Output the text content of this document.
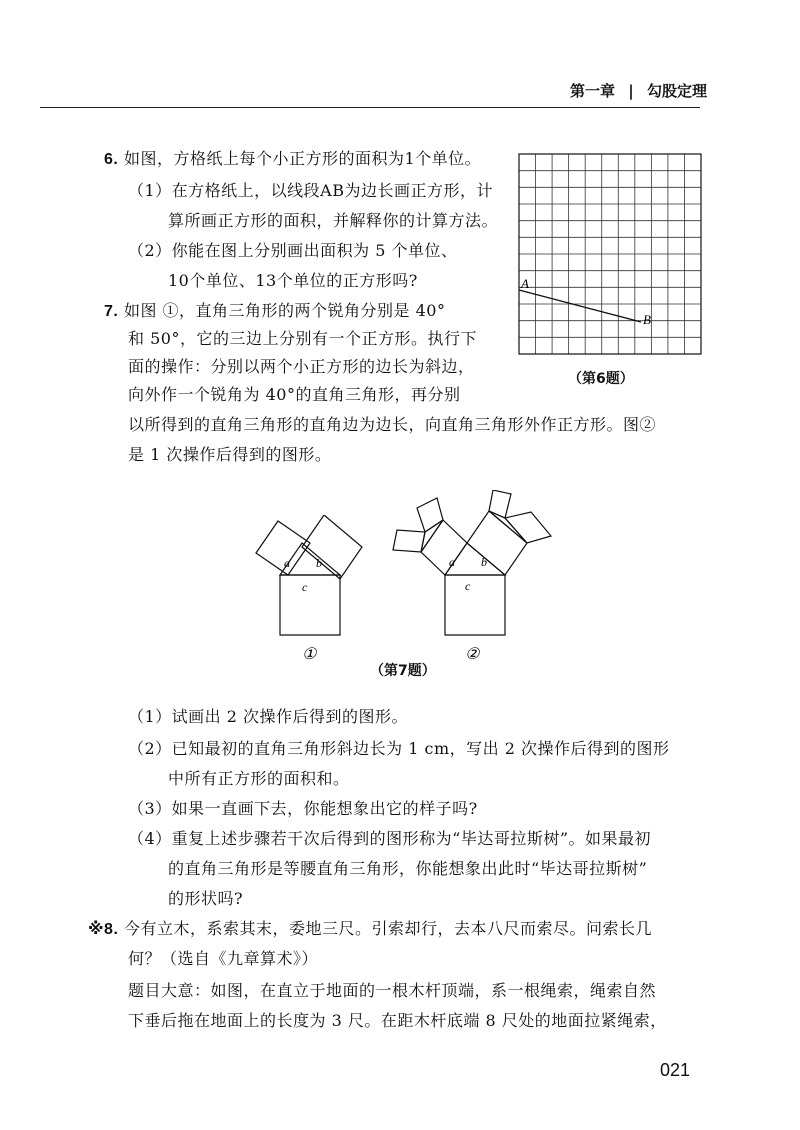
第一章 | 勾股定理
6. 如图，方格纸上每个小正方形的面积为1个单位。
（1）在方格纸上，以线段AB为边长画正方形，计
算所画正方形的面积，并解释你的计算方法。
（2）你能在图上分别画出面积为 5 个单位、
10个单位、13个单位的正方形吗?	A
B
（第6题）
7. 如图 ①，直角三角形的两个锐角分别是 40°
和 50°，它的三边上分别有一个正方形。执行下
面的操作：分别以两个小正方形的边长为斜边，
向外作一个锐角为 40°的直角三角形，再分别
以所得到的直角三角形的直角边为边长，向直角三角形外作正方形。图②
是 1 次操作后得到的图形。
a b
c
①
a b
c
②
（第7题）
（1）试画出 2 次操作后得到的图形。
（2）已知最初的直角三角形斜边长为 1 cm，写出 2 次操作后得到的图形
中所有正方形的面积和。
（3）如果一直画下去，你能想象出它的样子吗?
（4）重复上述步骤若干次后得到的图形称为“毕达哥拉斯树”。如果最初
的直角三角形是等腰直角三角形，你能想象出此时“毕达哥拉斯树”
的形状吗?
※8. 今有立木，系索其末，委地三尺。引索却行，去本八尺而索尽。问索长几
何？（选自《九章算术》）
题目大意：如图，在直立于地面的一根木杆顶端，系一根绳索，绳索自然
下垂后拖在地面上的长度为 3 尺。在距木杆底端 8 尺处的地面拉紧绳索，
021
